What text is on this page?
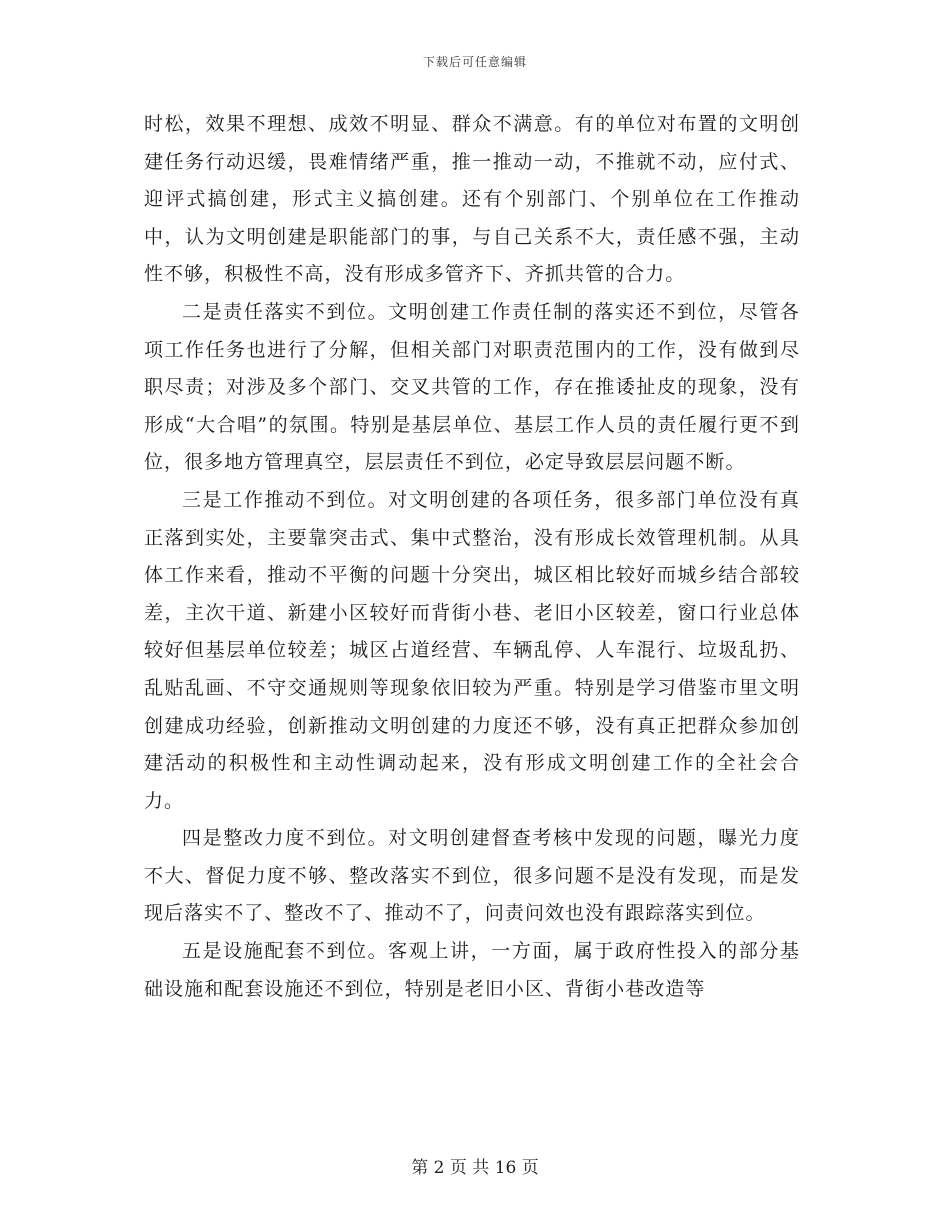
下载后可任意编辑

时松，效果不理想、成效不明显、群众不满意。有的单位对布置的文明创建任务行动迟缓，畏难情绪严重，推一推动一动，不推就不动，应付式、迎评式搞创建，形式主义搞创建。还有个别部门、个别单位在工作推动中，认为文明创建是职能部门的事，与自己关系不大，责任感不强，主动性不够，积极性不高，没有形成多管齐下、齐抓共管的合力。

二是责任落实不到位。文明创建工作责任制的落实还不到位，尽管各项工作任务也进行了分解，但相关部门对职责范围内的工作，没有做到尽职尽责；对涉及多个部门、交叉共管的工作，存在推诿扯皮的现象，没有形成“大合唱”的氛围。特别是基层单位、基层工作人员的责任履行更不到位，很多地方管理真空，层层责任不到位，必定导致层层问题不断。

三是工作推动不到位。对文明创建的各项任务，很多部门单位没有真正落到实处，主要靠突击式、集中式整治，没有形成长效管理机制。从具体工作来看，推动不平衡的问题十分突出，城区相比较好而城乡结合部较差，主次干道、新建小区较好而背街小巷、老旧小区较差，窗口行业总体较好但基层单位较差；城区占道经营、车辆乱停、人车混行、垃圾乱扔、乱贴乱画、不守交通规则等现象依旧较为严重。特别是学习借鉴市里文明创建成功经验，创新推动文明创建的力度还不够，没有真正把群众参加创建活动的积极性和主动性调动起来，没有形成文明创建工作的全社会合力。

四是整改力度不到位。对文明创建督查考核中发现的问题，曝光力度不大、督促力度不够、整改落实不到位，很多问题不是没有发现，而是发现后落实不了、整改不了、推动不了，问责问效也没有跟踪落实到位。

五是设施配套不到位。客观上讲，一方面，属于政府性投入的部分基础设施和配套设施还不到位，特别是老旧小区、背街小巷改造等

第 2 页 共 16 页
